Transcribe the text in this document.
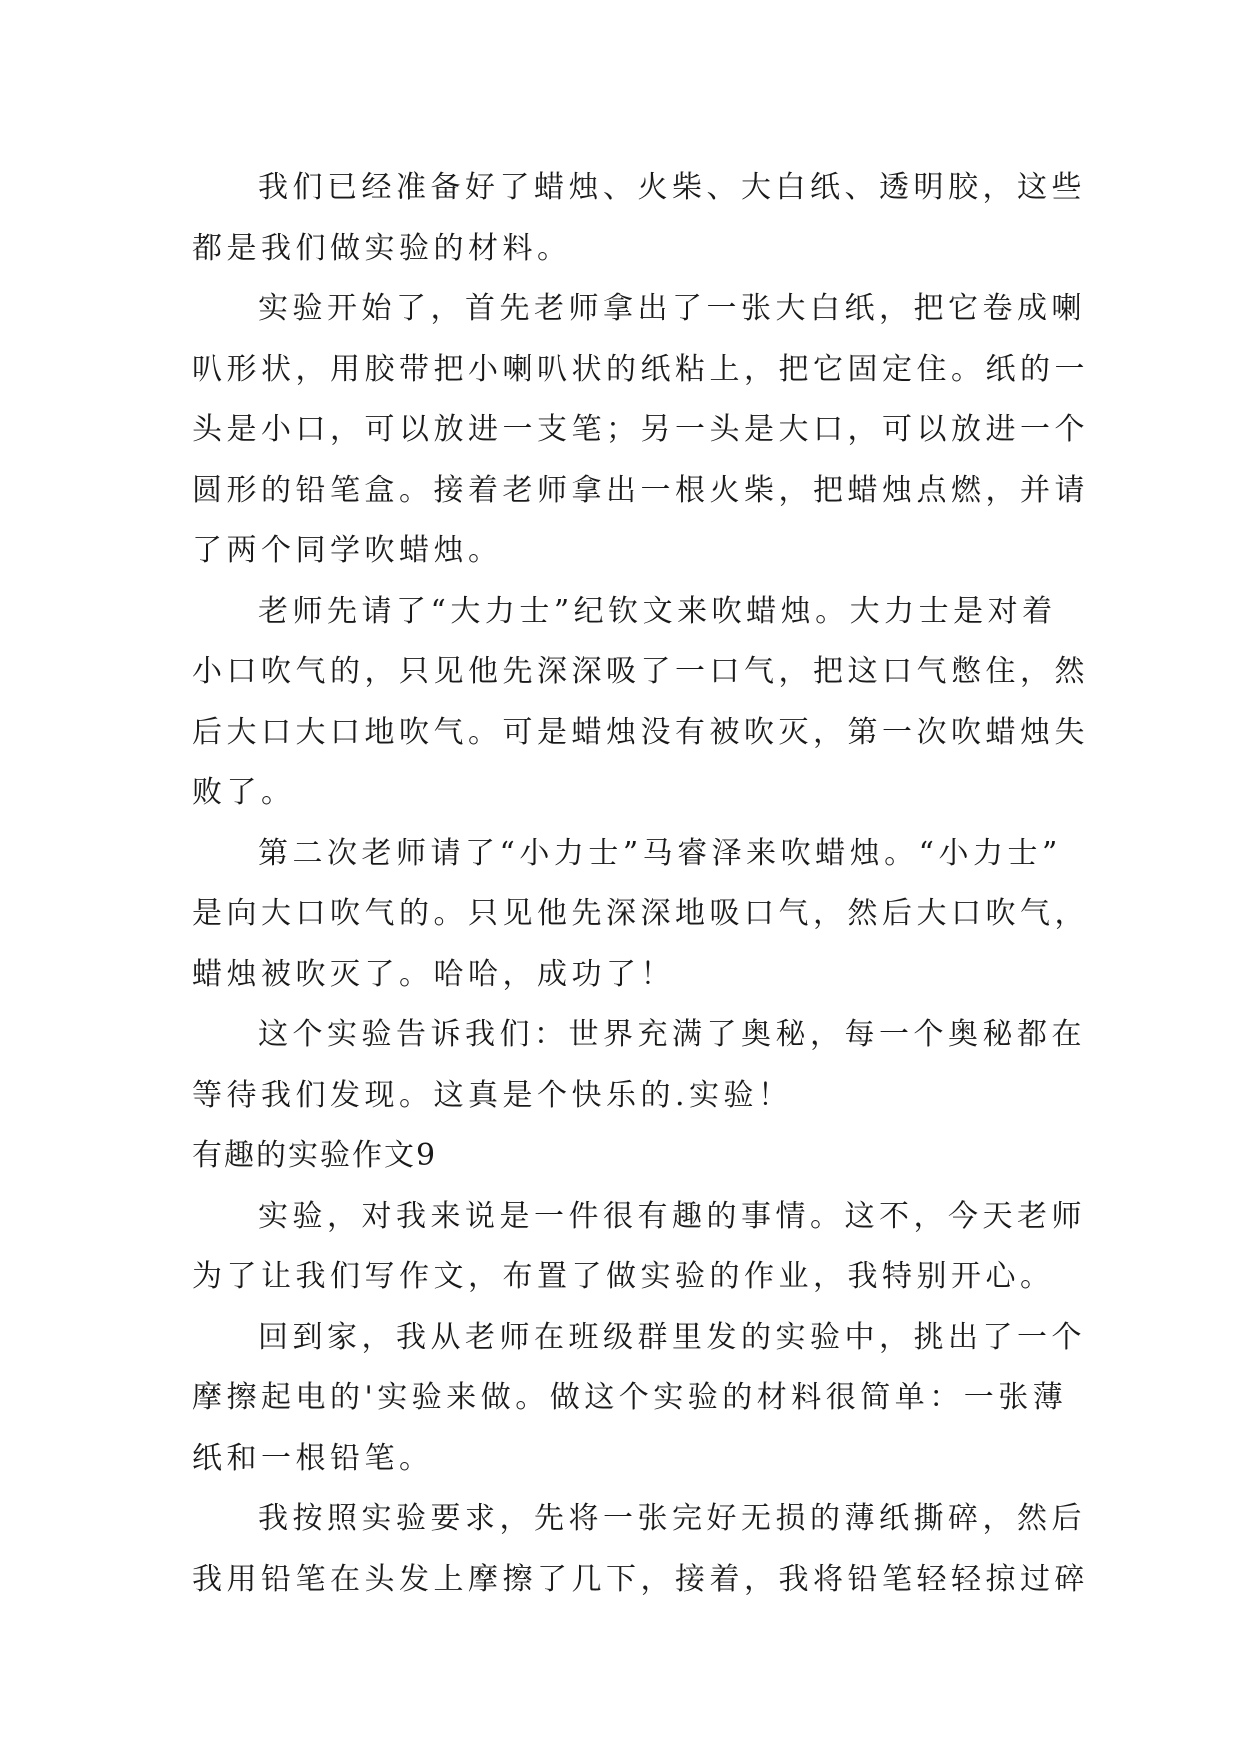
我们已经准备好了蜡烛、火柴、大白纸、透明胶，这些
都是我们做实验的材料。
实验开始了，首先老师拿出了一张大白纸，把它卷成喇
叭形状，用胶带把小喇叭状的纸粘上，把它固定住。纸的一
头是小口，可以放进一支笔；另一头是大口，可以放进一个
圆形的铅笔盒。接着老师拿出一根火柴，把蜡烛点燃，并请
了两个同学吹蜡烛。
老师先请了“大力士”纪钦文来吹蜡烛。大力士是对着
小口吹气的，只见他先深深吸了一口气，把这口气憋住，然
后大口大口地吹气。可是蜡烛没有被吹灭，第一次吹蜡烛失
败了。
第二次老师请了“小力士”马睿泽来吹蜡烛。“小力士”
是向大口吹气的。只见他先深深地吸口气，然后大口吹气，
蜡烛被吹灭了。哈哈，成功了！
这个实验告诉我们：世界充满了奥秘，每一个奥秘都在
等待我们发现。这真是个快乐的.实验！
有趣的实验作文9
实验，对我来说是一件很有趣的事情。这不，今天老师
为了让我们写作文，布置了做实验的作业，我特别开心。
回到家，我从老师在班级群里发的实验中，挑出了一个
摩擦起电的'实验来做。做这个实验的材料很简单：一张薄
纸和一根铅笔。
我按照实验要求，先将一张完好无损的薄纸撕碎，然后
我用铅笔在头发上摩擦了几下，接着，我将铅笔轻轻掠过碎
